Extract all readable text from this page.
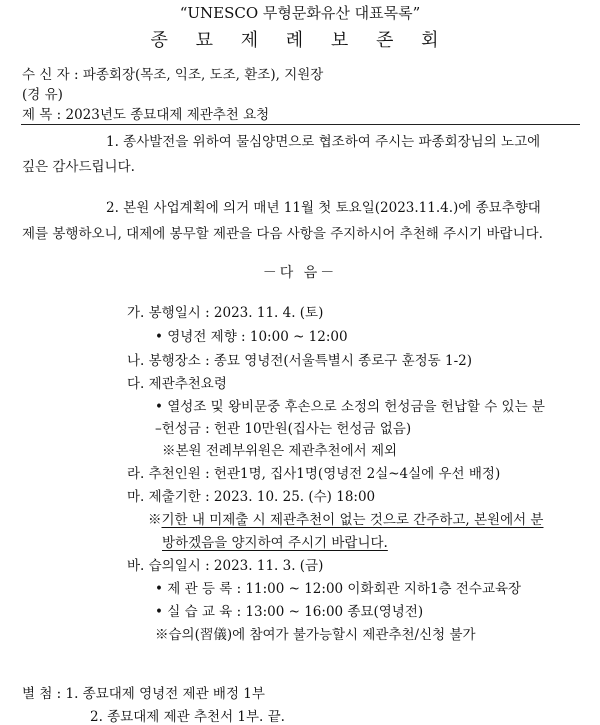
“UNESCO 무형문화유산 대표목록”
종 묘 제 례 보 존 회
수 신 자 : 파종회장(목조, 익조, 도조, 환조), 지원장
(경 유)
제 목 : 2023년도 종묘대제 제관추천 요청
1. 종사발전을 위하여 물심양면으로 협조하여 주시는 파종회장님의 노고에
깊은 감사드립니다.
2. 본원 사업계획에 의거 매년 11월 첫 토요일(2023.11.4.)에 종묘추향대
제를 봉행하오니, 대제에 봉무할 제관을 다음 사항을 주지하시어 추천해 주시기 바랍니다.
－다 음－
가. 봉행일시 : 2023. 11. 4. (토)
• 영녕전 제향 : 10:00 ~ 12:00
나. 봉행장소 : 종묘 영녕전(서울특별시 종로구 훈정동 1-2)
다. 제관추천요령
• 열성조 및 왕비문중 후손으로 소정의 헌성금을 헌납할 수 있는 분
–헌성금 : 헌관 10만원(집사는 헌성금 없음)
※본원 전례부위원은 제관추천에서 제외
라. 추천인원 : 헌관1명, 집사1명(영녕전 2실~4실에 우선 배정)
마. 제출기한 : 2023. 10. 25. (수) 18:00
※기한 내 미제출 시 제관추천이 없는 것으로 간주하고, 본원에서 분
방하겠음을 양지하여 주시기 바랍니다.
바. 습의일시 : 2023. 11. 3. (금)
• 제 관 등 록 : 11:00 ~ 12:00 이화회관 지하1층 전수교육장
• 실 습 교 육 : 13:00 ~ 16:00 종묘(영녕전)
※습의(習儀)에 참여가 불가능할시 제관추천/신청 불가
별 첨 : 1. 종묘대제 영녕전 제관 배정 1부
2. 종묘대제 제관 추천서 1부. 끝.
